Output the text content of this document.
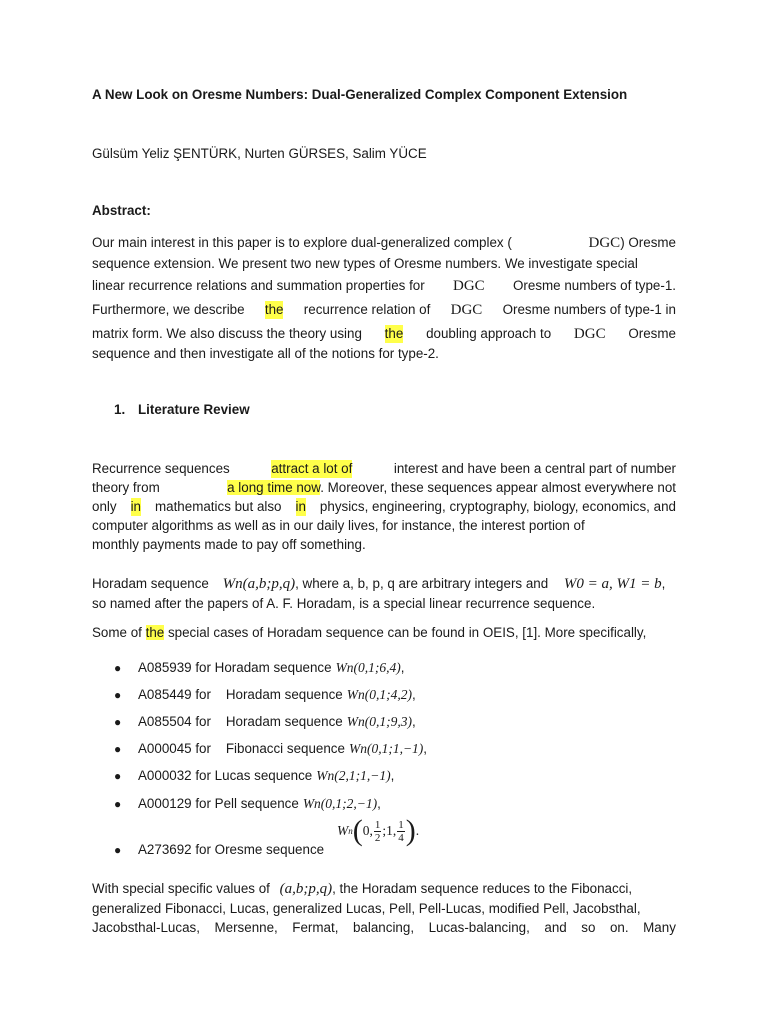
A New Look on Oresme Numbers: Dual-Generalized Complex Component Extension
Gülsüm Yeliz ŞENTÜRK, Nurten GÜRSES, Salim YÜCE
Abstract:
Our main interest in this paper is to explore dual-generalized complex (	DGC) Oresme
sequence extension. We present two new types of Oresme numbers. We investigate special
linear recurrence relations and summation properties for DGC Oresme numbers of type-1.
Furthermore, we describe the recurrence relation of DGC Oresme numbers of type-1 in
matrix form. We also discuss the theory using the doubling approach to DGC Oresme
sequence and then investigate all of the notions for type-2.
1. Literature Review
Recurrence sequences	attract a lot of	interest and have been a central part of number
theory from	a long time now. Moreover, these sequences appear almost everywhere not
only in mathematics but also in physics, engineering, cryptography, biology, economics, and
computer algorithms as well as in our daily lives, for instance, the interest portion of
monthly payments made to pay off something.
Horadam sequence Wn(a,b;p,q), where a, b, p, q are arbitrary integers and W0 = a, W1 = b,
so named after the papers of A. F. Horadam, is a special linear recurrence sequence.
Some of the special cases of Horadam sequence can be found in OEIS, [1]. More specifically,
●	A085939 for Horadam sequence Wn(0,1;6,4) ,
●	A085449 for    Horadam sequence Wn(0,1;4,2) ,
●	A085504 for    Horadam sequence Wn(0,1;9,3) ,
●	A000045 for    Fibonacci sequence Wn(0,1;1,−1) ,
●	A000032 for Lucas sequence Wn(2,1;1,−1) ,
●	A000129 for Pell sequence Wn(0,1;2,−1) ,
●	A273692 for Oresme sequence
W n ( 0, $\frac{1}{2}$ ;1, $\frac{1}{4}$ ) .
With special specific values of (a,b;p,q), the Horadam sequence reduces to the Fibonacci,
generalized Fibonacci, Lucas, generalized Lucas, Pell, Pell-Lucas, modified Pell, Jacobsthal,
Jacobsthal-Lucas, Mersenne, Fermat, balancing, Lucas-balancing, and so on. Many
